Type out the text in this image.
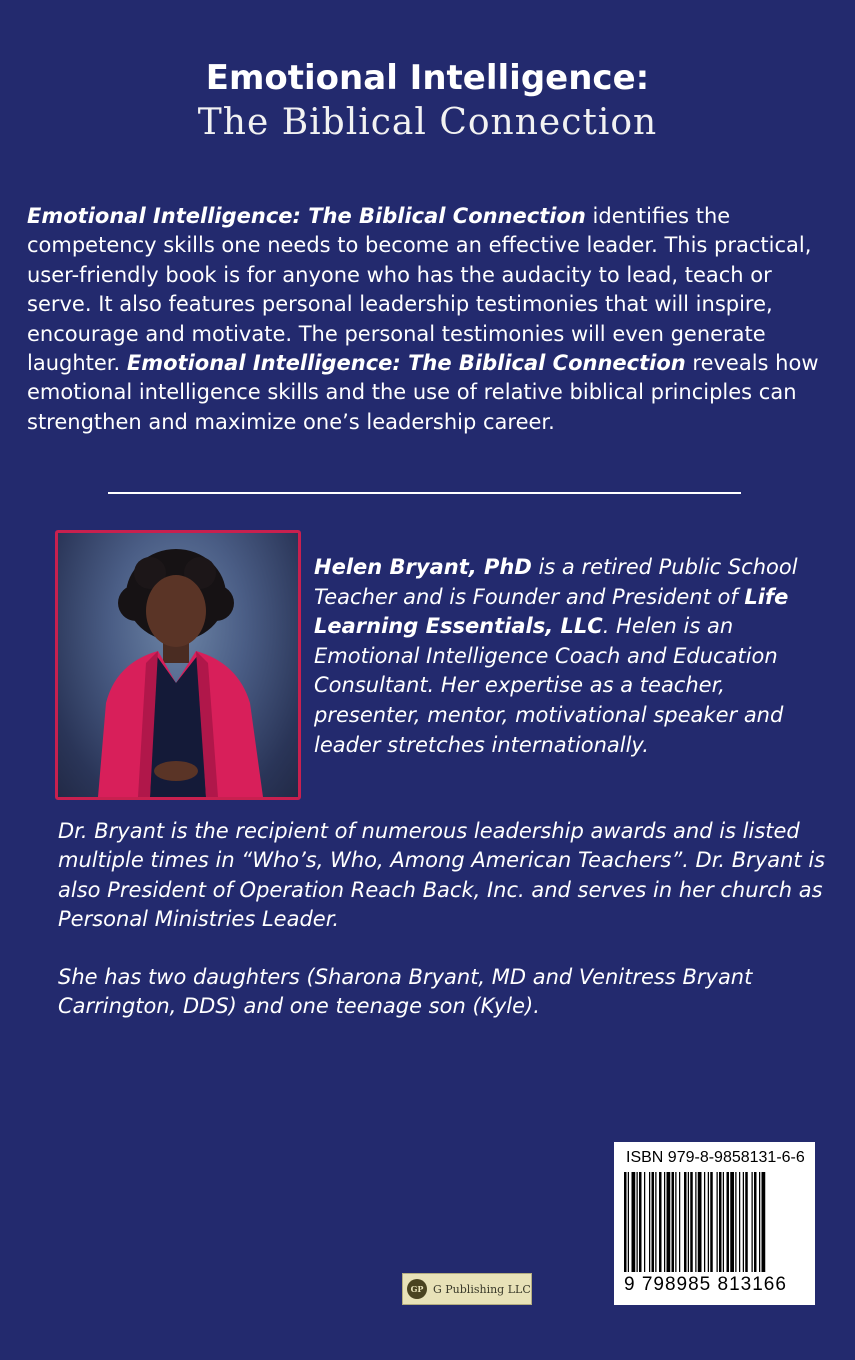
Emotional Intelligence:
The Biblical Connection

Emotional Intelligence: The Biblical Connection identifies the competency skills one needs to become an effective leader. This practical, user-friendly book is for anyone who has the audacity to lead, teach or serve. It also features personal leadership testimonies that will inspire, encourage and motivate. The personal testimonies will even generate laughter. Emotional Intelligence: The Biblical Connection reveals how emotional intelligence skills and the use of relative biblical principles can strengthen and maximize one’s leadership career.

Helen Bryant, PhD is a retired Public School Teacher and is Founder and President of Life Learning Essentials, LLC. Helen is an Emotional Intelligence Coach and Education Consultant. Her expertise as a teacher, presenter, mentor, motivational speaker and leader stretches internationally.

Dr. Bryant is the recipient of numerous leadership awards and is listed multiple times in “Who’s, Who, Among American Teachers”. Dr. Bryant is also President of Operation Reach Back, Inc. and serves in her church as Personal Ministries Leader.

She has two daughters (Sharona Bryant, MD and Venitress Bryant Carrington, DDS) and one teenage son (Kyle).

ISBN 979-8-9858131-6-6
9 798985 813166
GP G Publishing LLC
